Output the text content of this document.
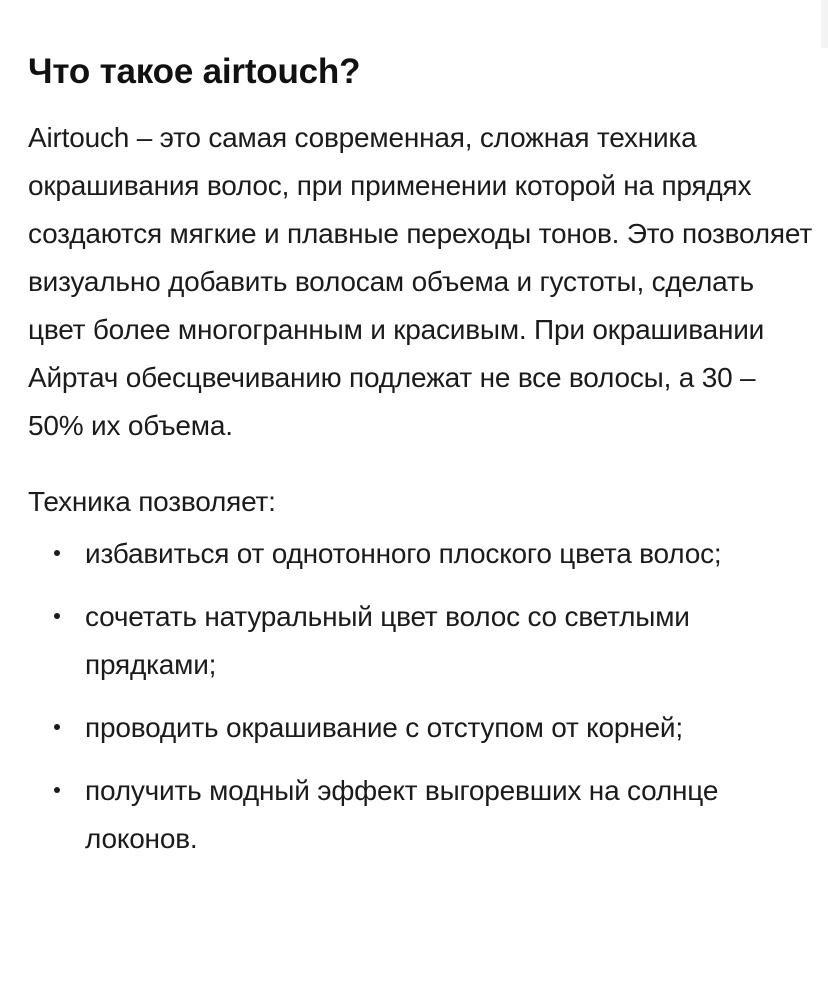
Что такое airtouch?

Airtouch – это самая современная, сложная техника окрашивания волос, при применении которой на прядях создаются мягкие и плавные переходы тонов. Это позволяет визуально добавить волосам объема и густоты, сделать цвет более многогранным и красивым. При окрашивании Айртач обесцвечиванию подлежат не все волосы, а 30 – 50% их объема.

Техника позволяет:

избавиться от однотонного плоского цвета волос;
сочетать натуральный цвет волос со светлыми прядками;
проводить окрашивание с отступом от корней;
получить модный эффект выгоревших на солнце локонов.
